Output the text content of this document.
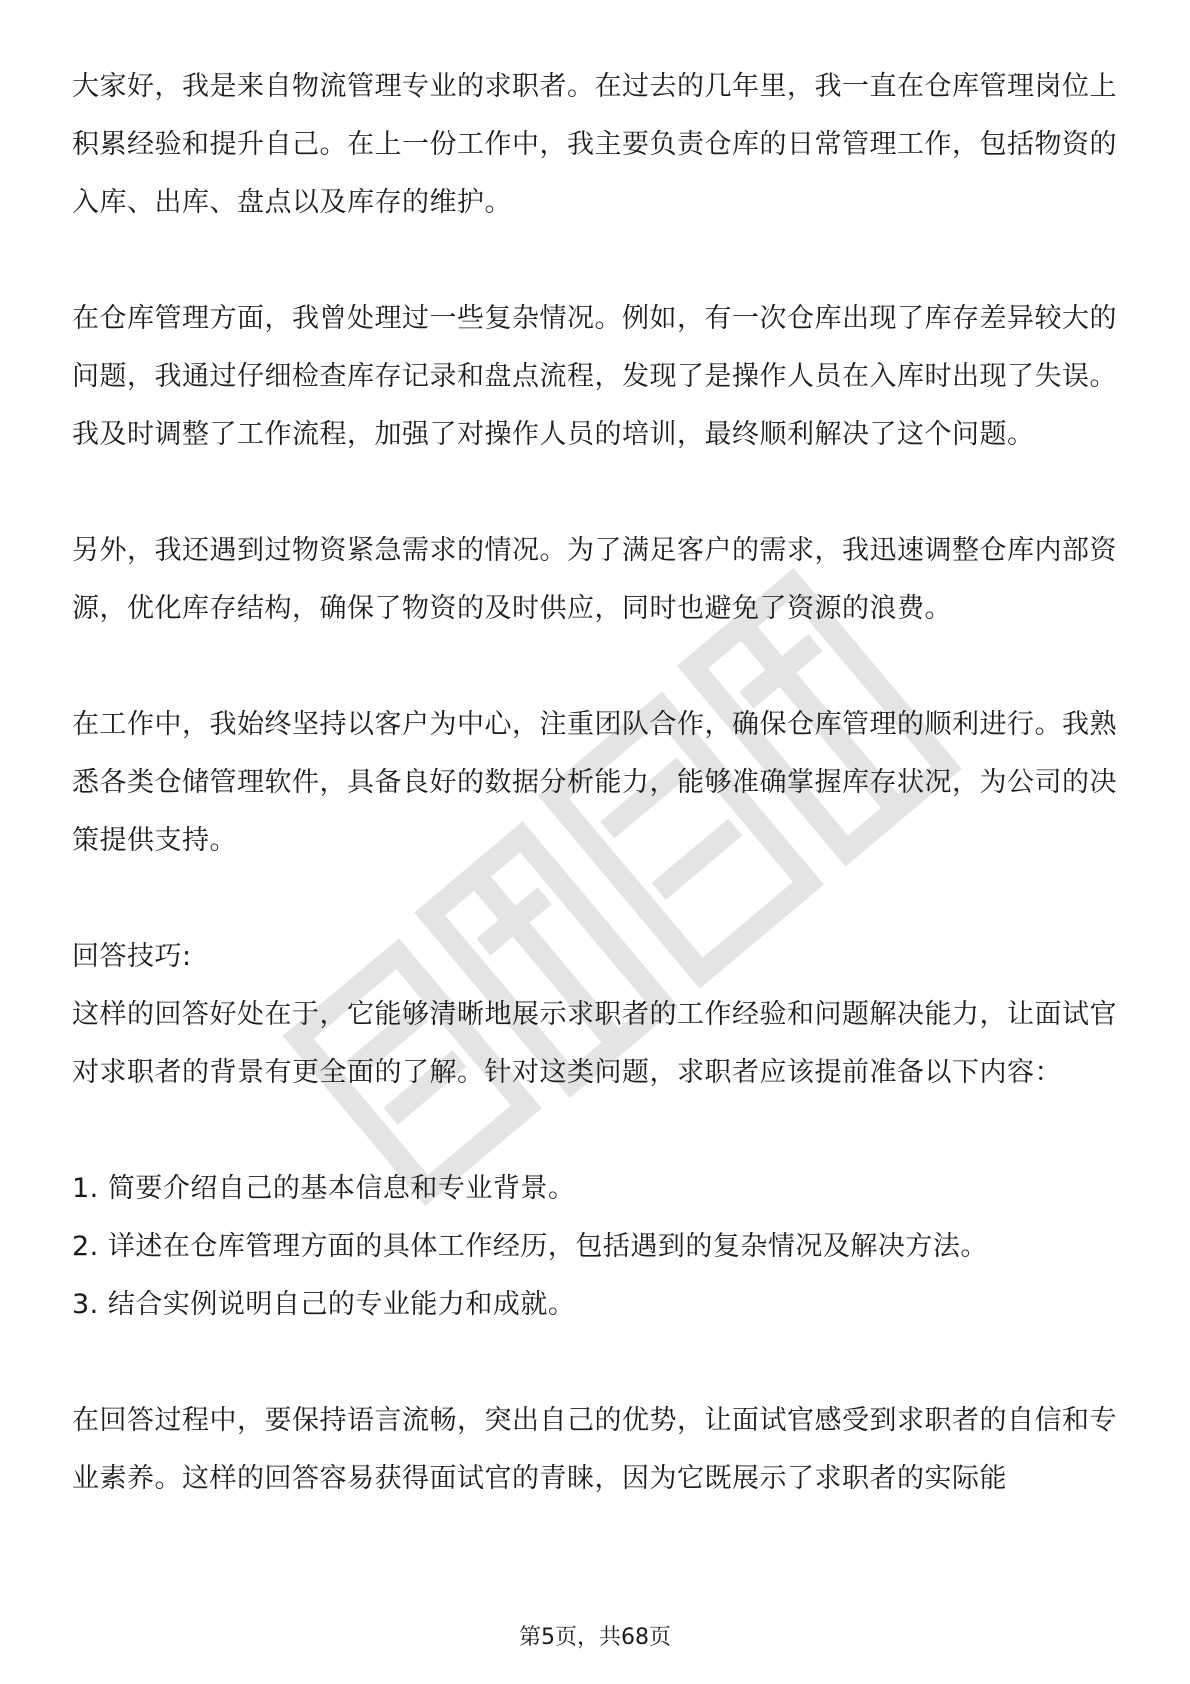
大家好，我是来自物流管理专业的求职者。在过去的几年里，我一直在仓库管理岗位上积累经验和提升自己。在上一份工作中，我主要负责仓库的日常管理工作，包括物资的入库、出库、盘点以及库存的维护。

在仓库管理方面，我曾处理过一些复杂情况。例如，有一次仓库出现了库存差异较大的问题，我通过仔细检查库存记录和盘点流程，发现了是操作人员在入库时出现了失误。我及时调整了工作流程，加强了对操作人员的培训，最终顺利解决了这个问题。

另外，我还遇到过物资紧急需求的情况。为了满足客户的需求，我迅速调整仓库内部资源，优化库存结构，确保了物资的及时供应，同时也避免了资源的浪费。

在工作中，我始终坚持以客户为中心，注重团队合作，确保仓库管理的顺利进行。我熟悉各类仓储管理软件，具备良好的数据分析能力，能够准确掌握库存状况，为公司的决策提供支持。

回答技巧:

这样的回答好处在于，它能够清晰地展示求职者的工作经验和问题解决能力，让面试官对求职者的背景有更全面的了解。针对这类问题，求职者应该提前准备以下内容：

1. 简要介绍自己的基本信息和专业背景。

2. 详述在仓库管理方面的具体工作经历，包括遇到的复杂情况及解决方法。

3. 结合实例说明自己的专业能力和成就。

在回答过程中，要保持语言流畅，突出自己的优势，让面试官感受到求职者的自信和专业素养。这样的回答容易获得面试官的青睐，因为它既展示了求职者的实际能

第5页，共68页
